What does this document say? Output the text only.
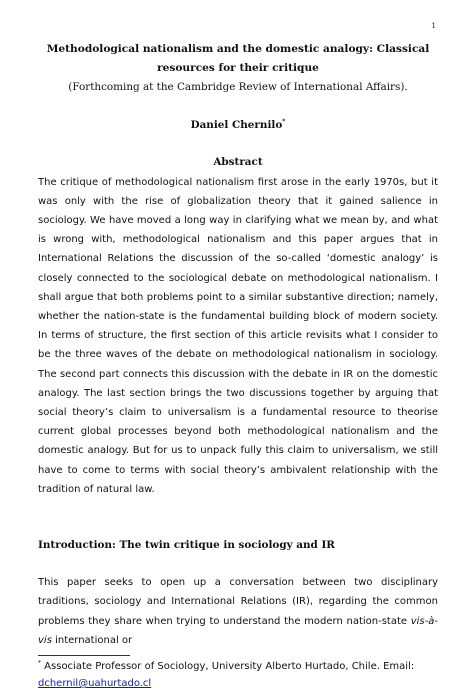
1
Methodological nationalism and the domestic analogy: Classical resources for their critique
(Forthcoming at the Cambridge Review of International Affairs).
Daniel Chernilo*
Abstract

The critique of methodological nationalism first arose in the early 1970s, but it was only with the rise of globalization theory that it gained salience in sociology. We have moved a long way in clarifying what we mean by, and what is wrong with, methodological nationalism and this paper argues that in International Relations the discussion of the so-called ‘domestic analogy’ is closely connected to the sociological debate on methodological nationalism. I shall argue that both problems point to a similar substantive direction; namely, whether the nation-state is the fundamental building block of modern society. In terms of structure, the first section of this article revisits what I consider to be the three waves of the debate on methodological nationalism in sociology. The second part connects this discussion with the debate in IR on the domestic analogy. The last section brings the two discussions together by arguing that social theory’s claim to universalism is a fundamental resource to theorise current global processes beyond both methodological nationalism and the domestic analogy. But for us to unpack fully this claim to universalism, we still have to come to terms with social theory’s ambivalent relationship with the tradition of natural law.

Introduction: The twin critique in sociology and IR

This paper seeks to open up a conversation between two disciplinary traditions, sociology and International Relations (IR), regarding the common problems they share when trying to understand the modern nation-state vis-à-vis international or

* Associate Professor of Sociology, University Alberto Hurtado, Chile. Email:
dchernil@uahurtado.cl
